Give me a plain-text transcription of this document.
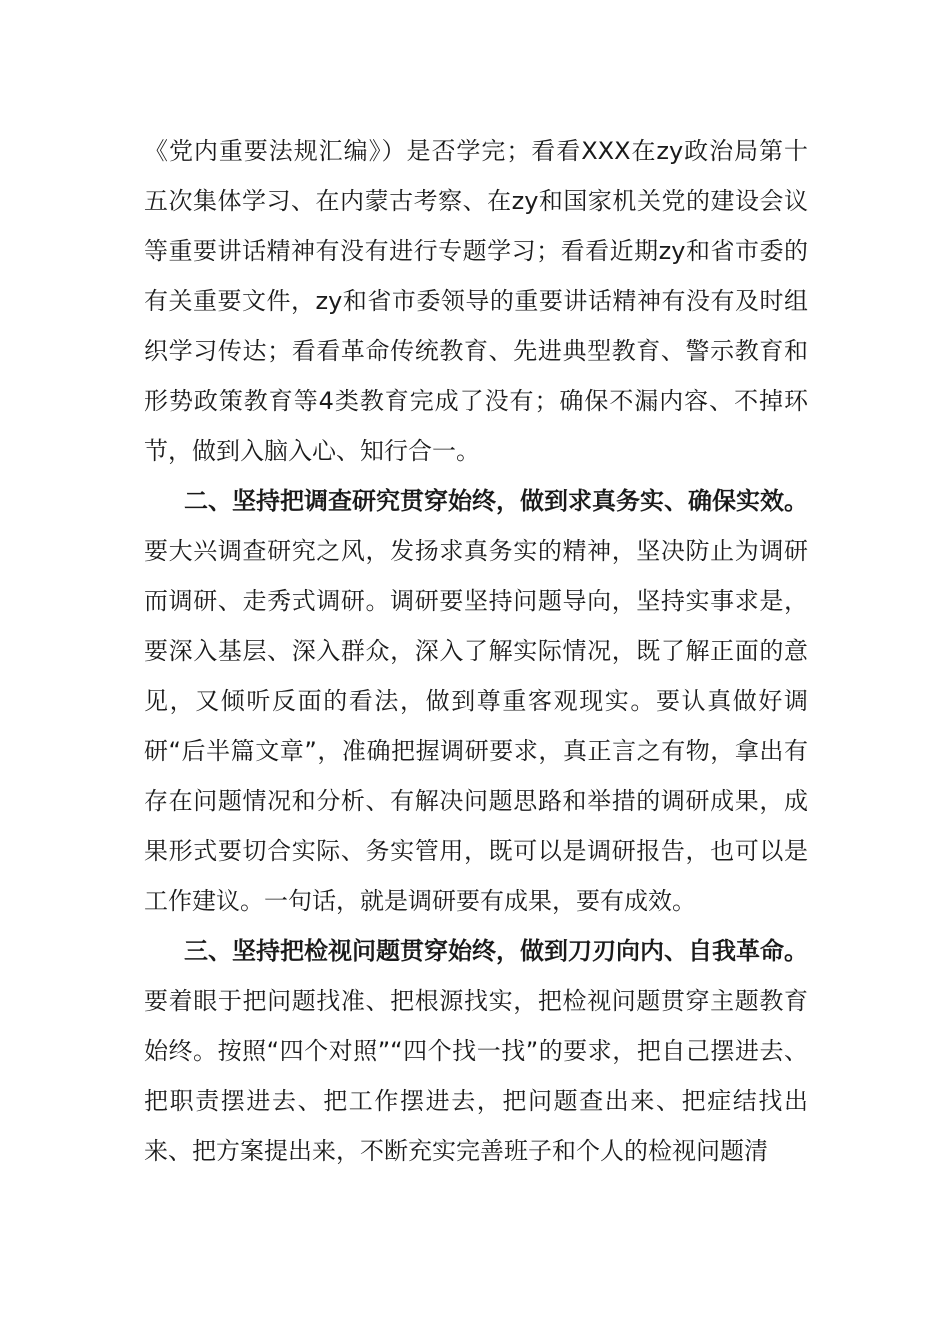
《党内重要法规汇编》）是否学完；看看XXX在zy政治局第十五次集体学习、在内蒙古考察、在zy和国家机关党的建设会议等重要讲话精神有没有进行专题学习；看看近期zy和省市委的有关重要文件，zy和省市委领导的重要讲话精神有没有及时组织学习传达；看看革命传统教育、先进典型教育、警示教育和形势政策教育等4类教育完成了没有；确保不漏内容、不掉环节，做到入脑入心、知行合一。

二、坚持把调查研究贯穿始终，做到求真务实、确保实效。要大兴调查研究之风，发扬求真务实的精神，坚决防止为调研而调研、走秀式调研。调研要坚持问题导向，坚持实事求是，要深入基层、深入群众，深入了解实际情况，既了解正面的意见，又倾听反面的看法，做到尊重客观现实。要认真做好调研“后半篇文章”，准确把握调研要求，真正言之有物，拿出有存在问题情况和分析、有解决问题思路和举措的调研成果，成果形式要切合实际、务实管用，既可以是调研报告，也可以是工作建议。一句话，就是调研要有成果，要有成效。

三、坚持把检视问题贯穿始终，做到刀刃向内、自我革命。要着眼于把问题找准、把根源找实，把检视问题贯穿主题教育始终。按照“四个对照”“四个找一找”的要求，把自己摆进去、把职责摆进去、把工作摆进去，把问题查出来、把症结找出来、把方案提出来，不断充实完善班子和个人的检视问题清
